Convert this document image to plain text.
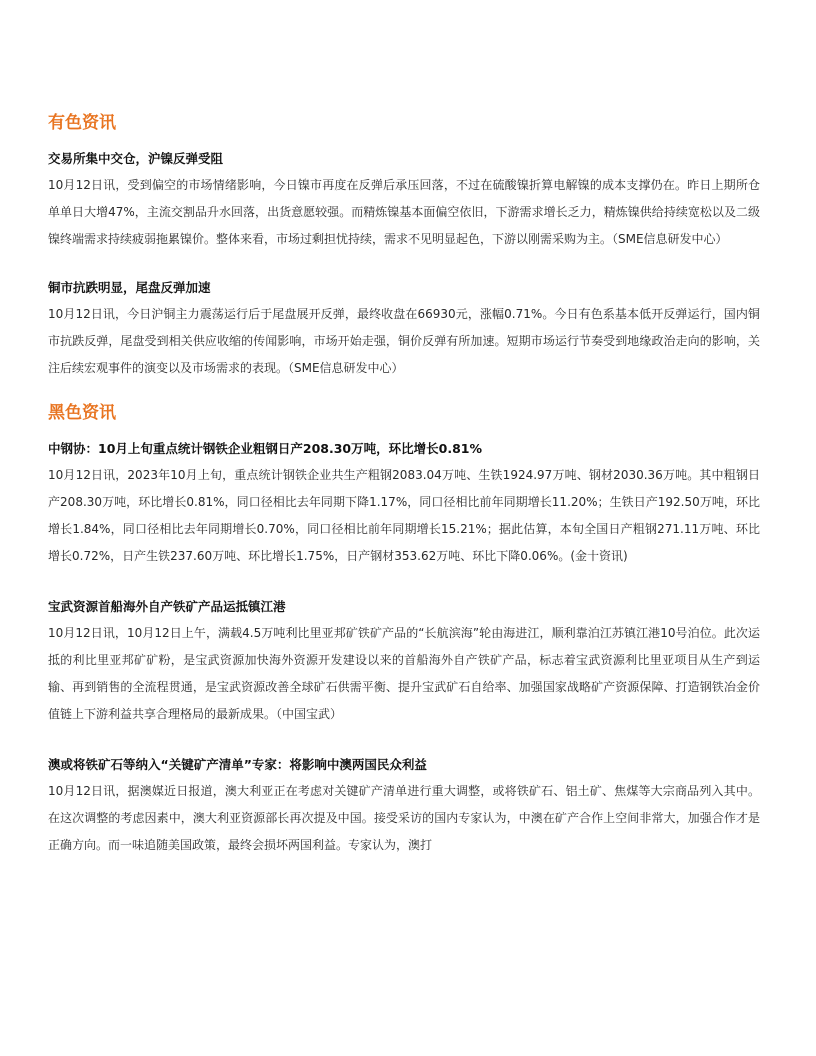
有色资讯
交易所集中交仓，沪镍反弹受阻

10月12日讯，受到偏空的市场情绪影响，今日镍市再度在反弹后承压回落，不过在硫酸镍折算电解镍的成本支撑仍在。昨日上期所仓单单日大增47%，主流交割品升水回落，出货意愿较强。而精炼镍基本面偏空依旧，下游需求增长乏力，精炼镍供给持续宽松以及二级镍终端需求持续疲弱拖累镍价。整体来看，市场过剩担忧持续，需求不见明显起色，下游以刚需采购为主。（SME信息研发中心）

铜市抗跌明显，尾盘反弹加速

10月12日讯，今日沪铜主力震荡运行后于尾盘展开反弹，最终收盘在66930元，涨幅0.71%。今日有色系基本低开反弹运行，国内铜市抗跌反弹，尾盘受到相关供应收缩的传闻影响，市场开始走强，铜价反弹有所加速。短期市场运行节奏受到地缘政治走向的影响，关注后续宏观事件的演变以及市场需求的表现。（SME信息研发中心）

黑色资讯
中钢协：10月上旬重点统计钢铁企业粗钢日产208.30万吨，环比增长0.81%

10月12日讯，2023年10月上旬，重点统计钢铁企业共生产粗钢2083.04万吨、生铁1924.97万吨、钢材2030.36万吨。其中粗钢日产208.30万吨，环比增长0.81%，同口径相比去年同期下降1.17%，同口径相比前年同期增长11.20%；生铁日产192.50万吨，环比增长1.84%，同口径相比去年同期增长0.70%，同口径相比前年同期增长15.21%；据此估算，本旬全国日产粗钢271.11万吨、环比增长0.72%，日产生铁237.60万吨、环比增长1.75%，日产钢材353.62万吨、环比下降0.06%。(金十资讯)

宝武资源首船海外自产铁矿产品运抵镇江港

10月12日讯，10月12日上午，满载4.5万吨利比里亚邦矿铁矿产品的“长航滨海”轮由海进江，顺利靠泊江苏镇江港10号泊位。此次运抵的利比里亚邦矿矿粉，是宝武资源加快海外资源开发建设以来的首船海外自产铁矿产品，标志着宝武资源利比里亚项目从生产到运输、再到销售的全流程贯通，是宝武资源改善全球矿石供需平衡、提升宝武矿石自给率、加强国家战略矿产资源保障、打造钢铁冶金价值链上下游利益共享合理格局的最新成果。（中国宝武）

澳或将铁矿石等纳入“关键矿产清单”专家：将影响中澳两国民众利益

10月12日讯，据澳媒近日报道，澳大利亚正在考虑对关键矿产清单进行重大调整，或将铁矿石、铝土矿、焦煤等大宗商品列入其中。在这次调整的考虑因素中，澳大利亚资源部长再次提及中国。接受采访的国内专家认为，中澳在矿产合作上空间非常大，加强合作才是正确方向。而一味追随美国政策，最终会损坏两国利益。专家认为，澳打
